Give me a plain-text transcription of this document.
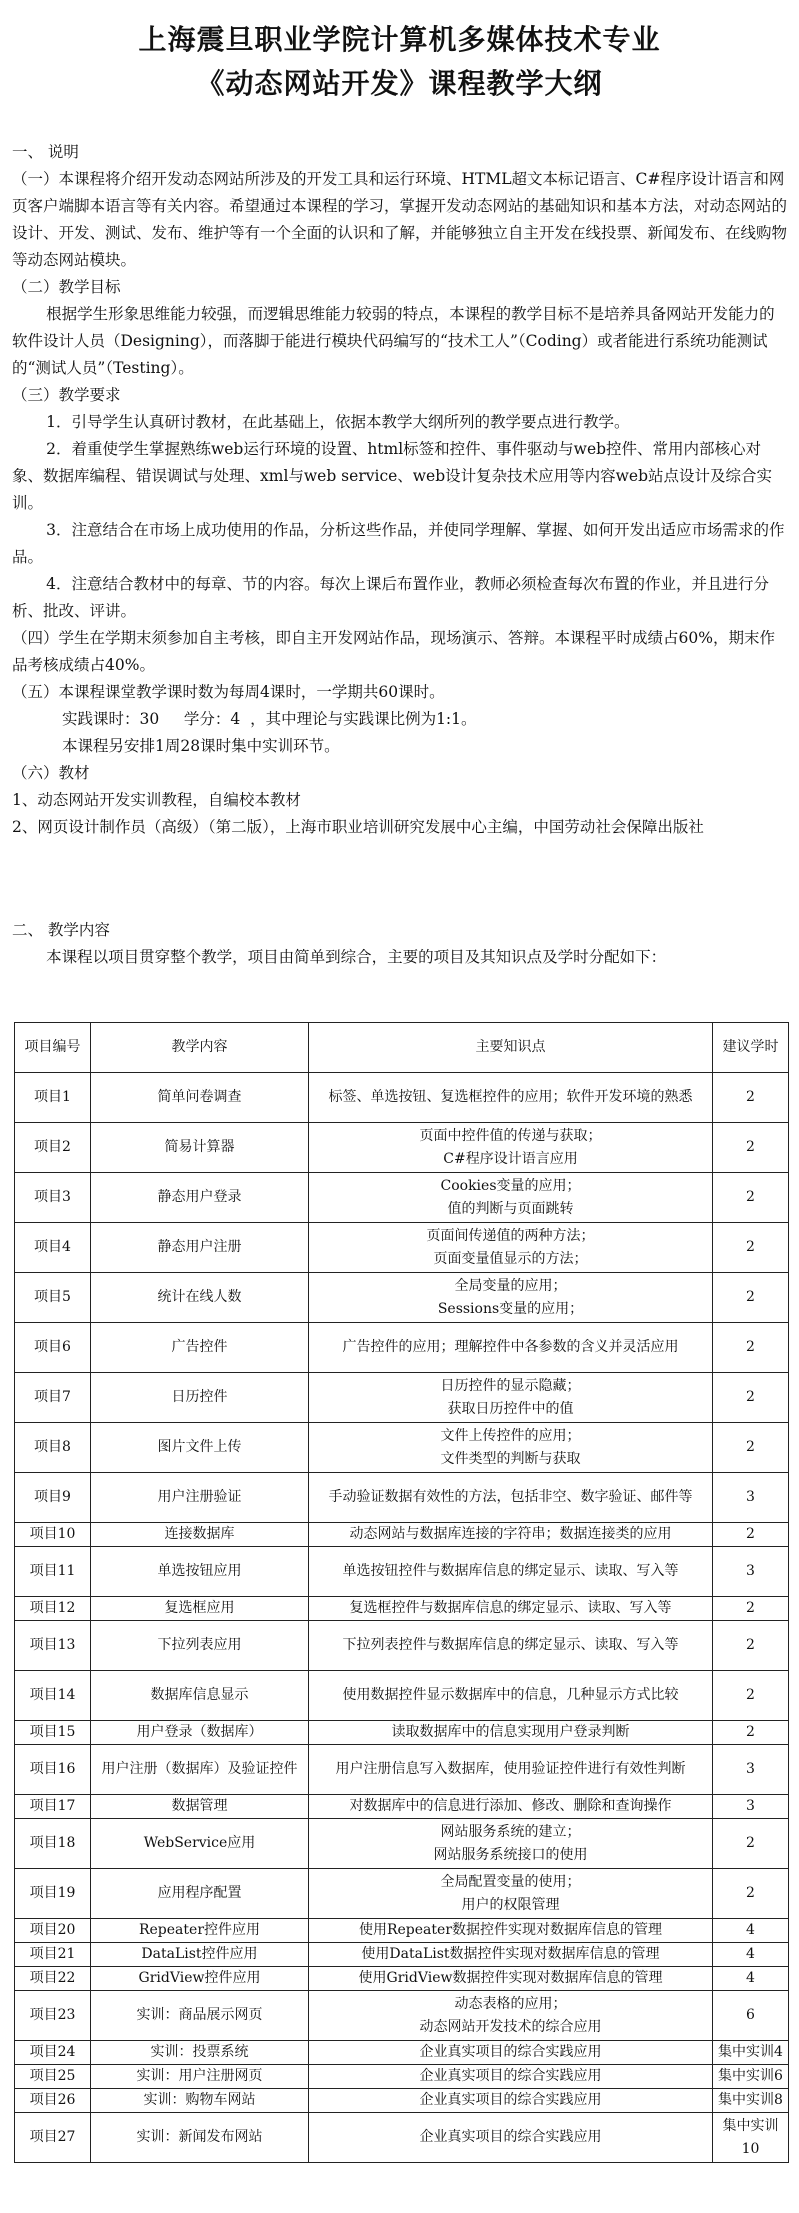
上海震旦职业学院计算机多媒体技术专业
《动态网站开发》课程教学大纲
一、 说明
（一）本课程将介绍开发动态网站所涉及的开发工具和运行环境、HTML超文本标记语言、C#程序设计语言和网页客户端脚本语言等有关内容。希望通过本课程的学习，掌握开发动态网站的基础知识和基本方法，对动态网站的设计、开发、测试、发布、维护等有一个全面的认识和了解，并能够独立自主开发在线投票、新闻发布、在线购物等动态网站模块。
（二）教学目标
根据学生形象思维能力较强，而逻辑思维能力较弱的特点，本课程的教学目标不是培养具备网站开发能力的软件设计人员（Designing），而落脚于能进行模块代码编写的“技术工人”（Coding）或者能进行系统功能测试的“测试人员”（Testing）。
（三）教学要求
1．引导学生认真研讨教材，在此基础上，依据本教学大纲所列的教学要点进行教学。
2．着重使学生掌握熟练web运行环境的设置、html标签和控件、事件驱动与web控件、常用内部核心对象、数据库编程、错误调试与处理、xml与web service、web设计复杂技术应用等内容web站点设计及综合实训。
3．注意结合在市场上成功使用的作品，分析这些作品，并使同学理解、掌握、如何开发出适应市场需求的作品。
4．注意结合教材中的每章、节的内容。每次上课后布置作业，教师必须检查每次布置的作业，并且进行分析、批改、评讲。
（四）学生在学期末须参加自主考核，即自主开发网站作品，现场演示、答辩。本课程平时成绩占60%，期末作品考核成绩占40%。
（五）本课程课堂教学课时数为每周4课时，一学期共60课时。
实践课时：30     学分：4  ，其中理论与实践课比例为1:1。
本课程另安排1周28课时集中实训环节。
（六）教材
1、动态网站开发实训教程，自编校本教材
2、网页设计制作员（高级）（第二版），上海市职业培训研究发展中心主编，中国劳动社会保障出版社
二、 教学内容
本课程以项目贯穿整个教学，项目由简单到综合，主要的项目及其知识点及学时分配如下：
项目编号	教学内容	主要知识点	建议学时
项目1	简单问卷调查	标签、单选按钮、复选框控件的应用；软件开发环境的熟悉	2
项目2	简易计算器	页面中控件值的传递与获取；
C#程序设计语言应用	2
项目3	静态用户登录	Cookies变量的应用；
值的判断与页面跳转	2
项目4	静态用户注册	页面间传递值的两种方法；
页面变量值显示的方法；	2
项目5	统计在线人数	全局变量的应用；
Sessions变量的应用；	2
项目6	广告控件	广告控件的应用；理解控件中各参数的含义并灵活应用	2
项目7	日历控件	日历控件的显示隐藏；
获取日历控件中的值	2
项目8	图片文件上传	文件上传控件的应用；
文件类型的判断与获取	2
项目9	用户注册验证	手动验证数据有效性的方法，包括非空、数字验证、邮件等	3
项目10	连接数据库	动态网站与数据库连接的字符串；数据连接类的应用	2
项目11	单选按钮应用	单选按钮控件与数据库信息的绑定显示、读取、写入等	3
项目12	复选框应用	复选框控件与数据库信息的绑定显示、读取、写入等	2
项目13	下拉列表应用	下拉列表控件与数据库信息的绑定显示、读取、写入等	2
项目14	数据库信息显示	使用数据控件显示数据库中的信息，几种显示方式比较	2
项目15	用户登录（数据库）	读取数据库中的信息实现用户登录判断	2
项目16	用户注册（数据库）及验证控件	用户注册信息写入数据库，使用验证控件进行有效性判断	3
项目17	数据管理	对数据库中的信息进行添加、修改、删除和查询操作	3
项目18	WebService应用	网站服务系统的建立；
网站服务系统接口的使用	2
项目19	应用程序配置	全局配置变量的使用；
用户的权限管理	2
项目20	Repeater控件应用	使用Repeater数据控件实现对数据库信息的管理	4
项目21	DataList控件应用	使用DataList数据控件实现对数据库信息的管理	4
项目22	GridView控件应用	使用GridView数据控件实现对数据库信息的管理	4
项目23	实训：商品展示网页	动态表格的应用；
动态网站开发技术的综合应用	6
项目24	实训：投票系统	企业真实项目的综合实践应用	集中实训4
项目25	实训：用户注册网页	企业真实项目的综合实践应用	集中实训6
项目26	实训：购物车网站	企业真实项目的综合实践应用	集中实训8
项目27	实训：新闻发布网站	企业真实项目的综合实践应用	集中实训10
